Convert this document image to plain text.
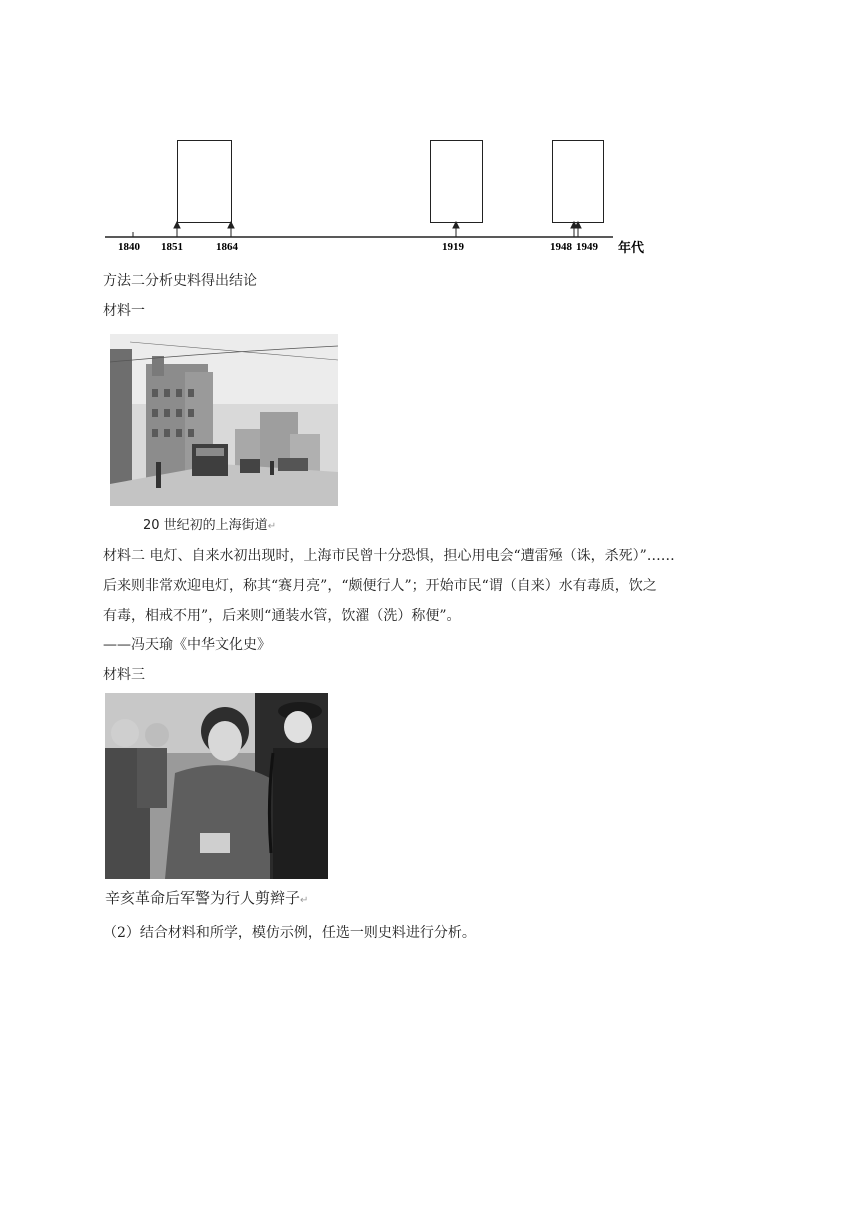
1840 1851	1864	1919	1948 1949 年代
方法二分析史料得出结论
材料一
20 世纪初的上海街道↵
材料二 电灯、自来水初出现时，上海市民曾十分恐惧，担心用电会“遭雷殛（诛，杀死）”……
后来则非常欢迎电灯，称其“赛月亮”，“颇便行人”；开始市民“谓（自来）水有毒质，饮之
有毒，相戒不用”，后来则“通装水管，饮濯（洗）称便”。
——冯天瑜《中华文化史》
材料三
辛亥革命后军警为行人剪辫子↵
（2）结合材料和所学，模仿示例，任选一则史料进行分析。
